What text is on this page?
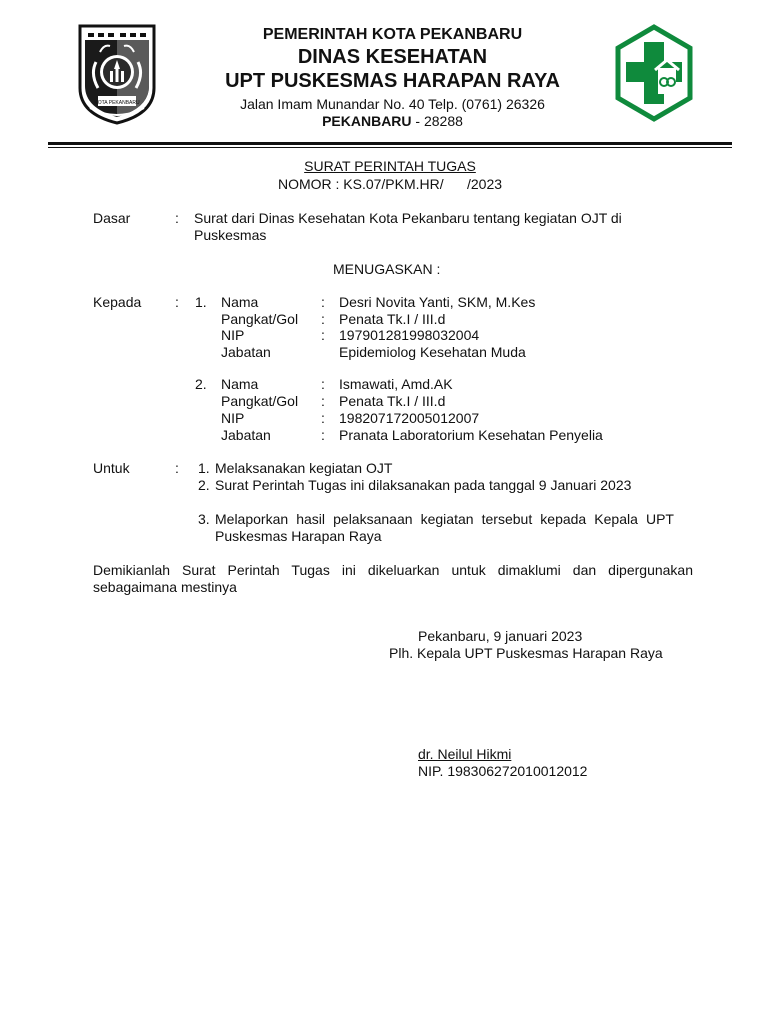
KOTA PEKANBARU
PEMERINTAH KOTA PEKANBARU
DINAS KESEHATAN
UPT PUSKESMAS HARAPAN RAYA
Jalan Imam Munandar No. 40 Telp. (0761) 26326
PEKANBARU - 28288
SURAT PERINTAH TUGAS
NOMOR : KS.07/PKM.HR/      /2023
Dasar	: Surat dari Dinas Kesehatan Kota Pekanbaru tentang kegiatan OJT di Puskesmas
MENUGASKAN :
Kepada : 1. Nama	: Desri Novita Yanti, SKM, M.Kes
Pangkat/Gol : Penata Tk.I / III.d
NIP	: 197901281998032004
Jabatan	Epidemiolog Kesehatan Muda
2. Nama	: Ismawati, Amd.AK
Pangkat/Gol : Penata Tk.I / III.d
NIP	: 198207172005012007
Jabatan	: Pranata Laboratorium Kesehatan Penyelia
Untuk	: 1. Melaksanakan kegiatan OJT
2. Surat Perintah Tugas ini dilaksanakan pada tanggal 9 Januari 2023
3. Melaporkan hasil pelaksanaan kegiatan tersebut kepada Kepala UPT Puskesmas Harapan Raya
Demikianlah Surat Perintah Tugas ini dikeluarkan untuk dimaklumi dan dipergunakan sebagaimana mestinya
Pekanbaru, 9 januari 2023
Plh. Kepala UPT Puskesmas Harapan Raya
dr. Neilul Hikmi
NIP. 198306272010012012
